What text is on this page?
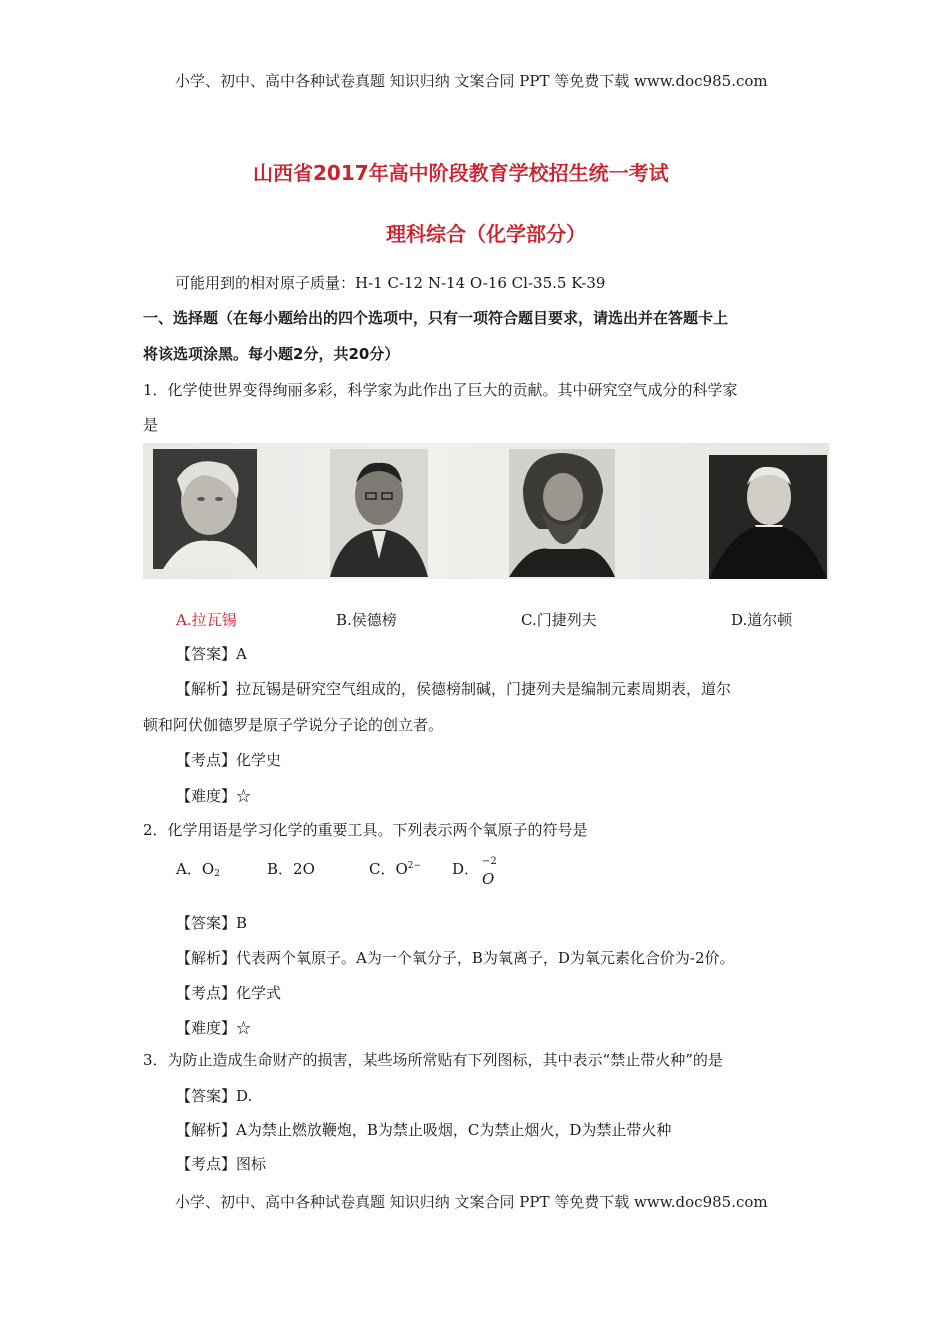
小学、初中、高中各种试卷真题 知识归纳 文案合同 PPT 等免费下载 www.doc985.com
山西省2017年高中阶段教育学校招生统一考试
理科综合（化学部分）
可能用到的相对原子质量：H-1 C-12 N-14 O-16 Cl-35.5 K-39
一、选择题（在每小题给出的四个选项中，只有一项符合题目要求，请选出并在答题卡上
将该选项涂黑。每小题2分，共20分）
1．化学使世界变得绚丽多彩，科学家为此作出了巨大的贡献。其中研究空气成分的科学家
是
A.拉瓦锡	B.侯德榜	C.门捷列夫	D.道尔顿
【答案】A
【解析】拉瓦锡是研究空气组成的，侯德榜制碱，门捷列夫是编制元素周期表，道尔
顿和阿伏伽德罗是原子学说分子论的创立者。
【考点】化学史
【难度】☆
2．化学用语是学习化学的重要工具。下列表示两个氧原子的符号是
A．$O_2$	B．2O	C．$O^{2-}$ D． −2
O
【答案】B
【解析】代表两个氧原子。A为一个氧分子，B为氧离子，D为氧元素化合价为-2价。
【考点】化学式
【难度】☆
3．为防止造成生命财产的损害，某些场所常贴有下列图标，其中表示“禁止带火种”的是
【答案】D.
【解析】A为禁止燃放鞭炮，B为禁止吸烟，C为禁止烟火，D为禁止带火种
【考点】图标
小学、初中、高中各种试卷真题 知识归纳 文案合同 PPT 等免费下载 www.doc985.com
